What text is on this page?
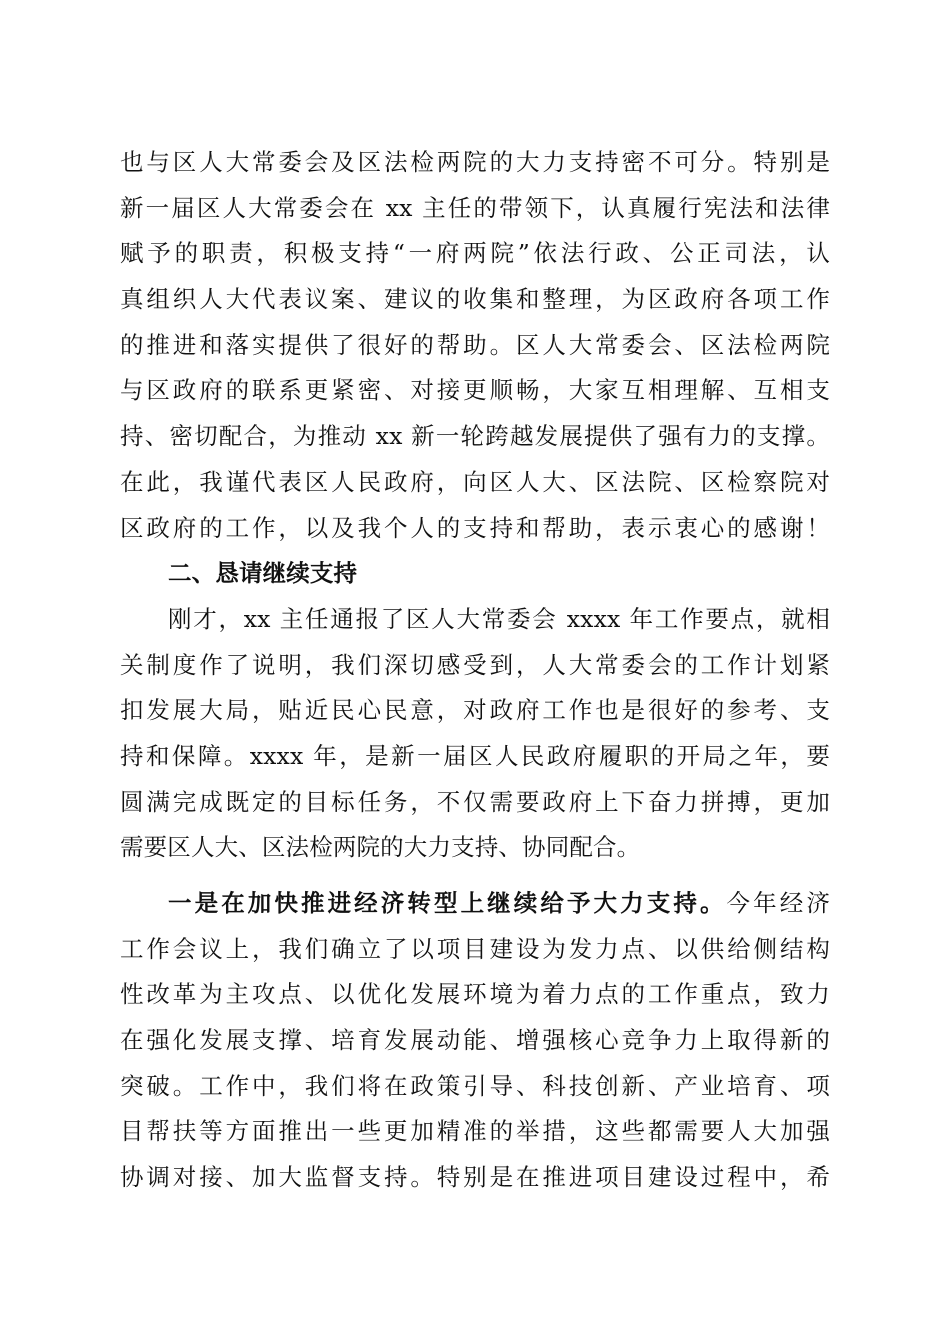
也与区人大常委会及区法检两院的大力支持密不可分。特别是
新一届区人大常委会在 xx 主任的带领下，认真履行宪法和法律
赋予的职责，积极支持“一府两院”依法行政、公正司法，认
真组织人大代表议案、建议的收集和整理，为区政府各项工作
的推进和落实提供了很好的帮助。区人大常委会、区法检两院
与区政府的联系更紧密、对接更顺畅，大家互相理解、互相支
持、密切配合，为推动 xx 新一轮跨越发展提供了强有力的支撑。
在此，我谨代表区人民政府，向区人大、区法院、区检察院对
区政府的工作，以及我个人的支持和帮助，表示衷心的感谢！
二、恳请继续支持
刚才，xx 主任通报了区人大常委会 xxxx 年工作要点，就相
关制度作了说明，我们深切感受到，人大常委会的工作计划紧
扣发展大局，贴近民心民意，对政府工作也是很好的参考、支
持和保障。xxxx 年，是新一届区人民政府履职的开局之年，要
圆满完成既定的目标任务，不仅需要政府上下奋力拼搏，更加
需要区人大、区法检两院的大力支持、协同配合。
一是在加快推进经济转型上继续给予大力支持。今年经济
工作会议上，我们确立了以项目建设为发力点、以供给侧结构
性改革为主攻点、以优化发展环境为着力点的工作重点，致力
在强化发展支撑、培育发展动能、增强核心竞争力上取得新的
突破。工作中，我们将在政策引导、科技创新、产业培育、项
目帮扶等方面推出一些更加精准的举措，这些都需要人大加强
协调对接、加大监督支持。特别是在推进项目建设过程中，希
